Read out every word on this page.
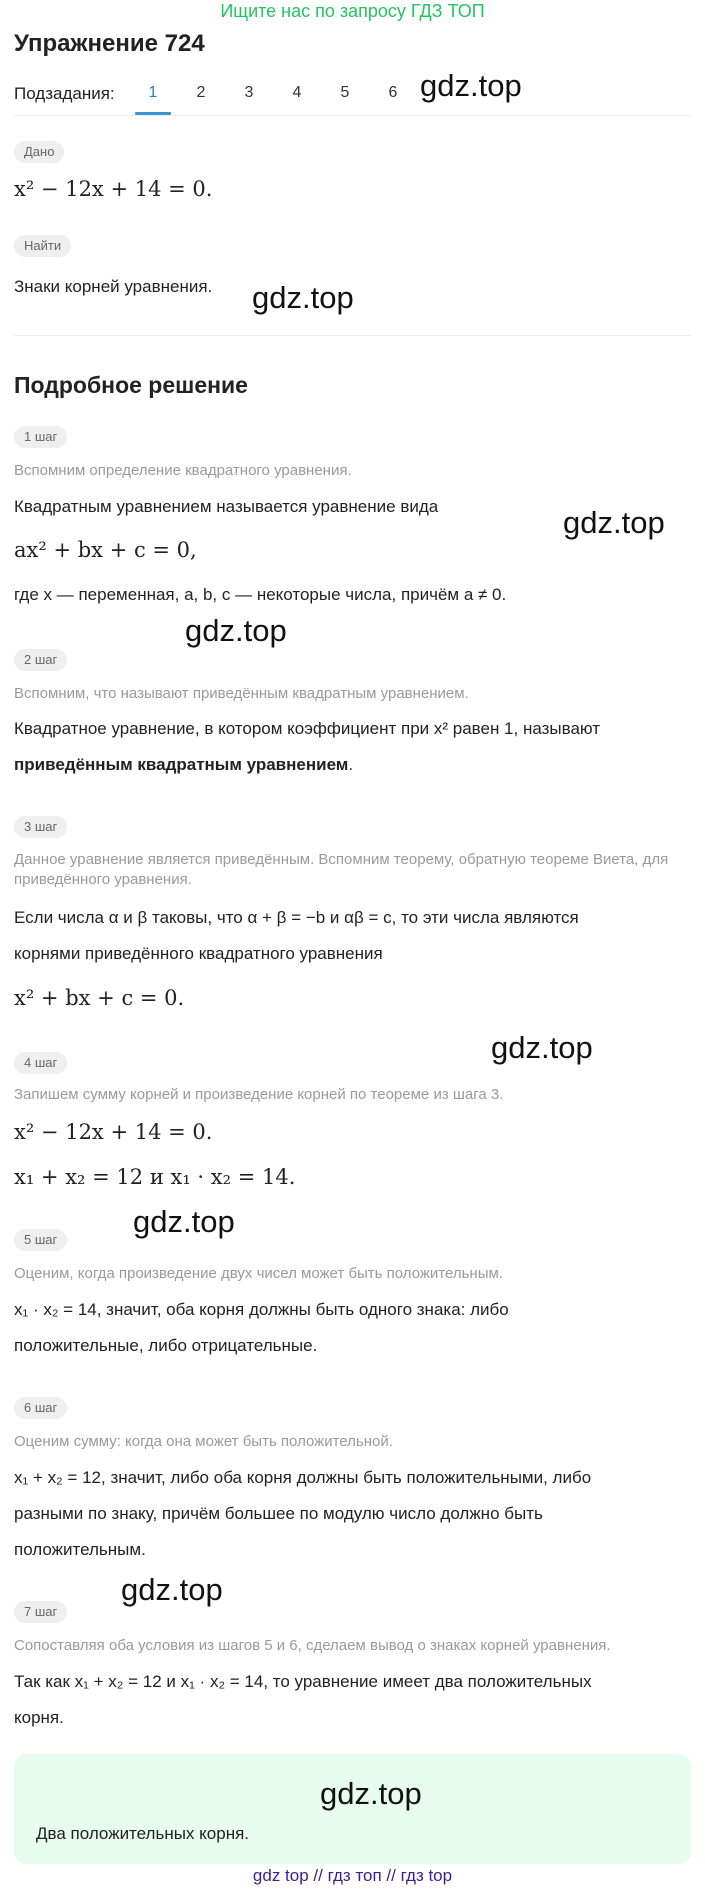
Ищите нас по запросу ГДЗ ТОП
Упражнение 724
Подзадания:	1	2	3	4	5	6
Дано
x² − 12x + 14 = 0.
Найти
Знаки корней уравнения.
Подробное решение
1 шаг
Вспомним определение квадратного уравнения.
Квадратным уравнением называется уравнение вида
ax² + bx + c = 0,
где x — переменная, a, b, c — некоторые числа, причём a ≠ 0.
2 шаг
Вспомним, что называют приведённым квадратным уравнением.
Квадратное уравнение, в котором коэффициент при x² равен 1, называют
приведённым квадратным уравнением.
3 шаг
Данное уравнение является приведённым. Вспомним теорему, обратную теореме Виета, для приведённого уравнения.
Если числа α и β таковы, что α + β = −b и αβ = c, то эти числа являются
корнями приведённого квадратного уравнения
x² + bx + c = 0.
4 шаг
Запишем сумму корней и произведение корней по теореме из шага 3.
x² − 12x + 14 = 0.
x₁ + x₂ = 12 и x₁ · x₂ = 14.
5 шаг
Оценим, когда произведение двух чисел может быть положительным.
x₁ · x₂ = 14, значит, оба корня должны быть одного знака: либо
положительные, либо отрицательные.
6 шаг
Оценим сумму: когда она может быть положительной.
x₁ + x₂ = 12, значит, либо оба корня должны быть положительными, либо
разными по знаку, причём большее по модулю число должно быть
положительным.
7 шаг
Сопоставляя оба условия из шагов 5 и 6, сделаем вывод о знаках корней уравнения.
Так как x₁ + x₂ = 12 и x₁ · x₂ = 14, то уравнение имеет два положительных
корня.
Два положительных корня.
gdz.top
gdz.top
gdz.top
gdz.top
gdz.top
gdz.top
gdz.top
gdz.top
gdz top // гдз топ // гдз top
